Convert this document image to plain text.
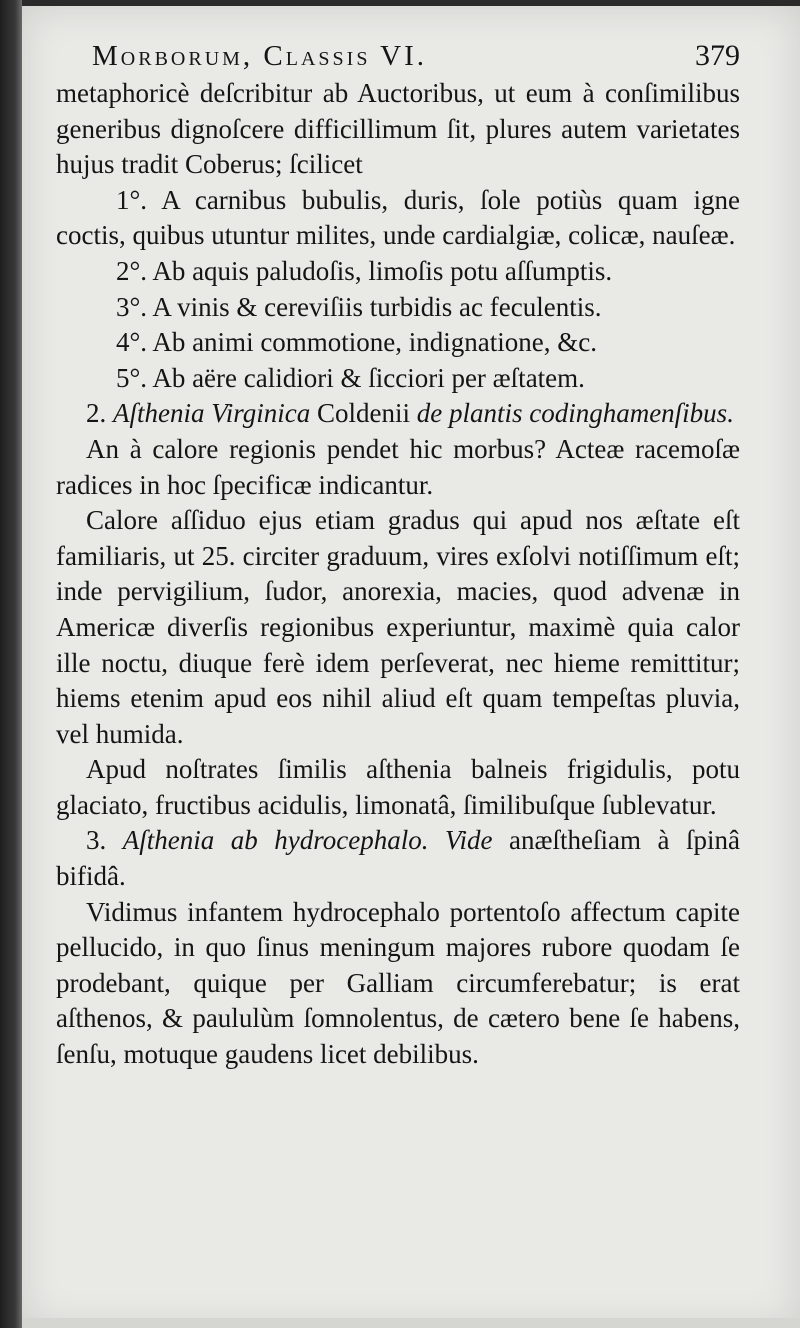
Morborum, Classis VI.	379

metaphoricè deſcribitur ab Auctoribus, ut eum à conſimilibus generibus dignoſcere difficillimum ſit, plures autem varietates hujus tradit Coberus; ſcilicet

1°. A carnibus bubulis, duris, ſole potiùs quam igne coctis, quibus utuntur milites, unde cardialgiæ, colicæ, nauſeæ.

2°. Ab aquis paludoſis, limoſis potu aſſumptis.

3°. A vinis & cereviſiis turbidis ac feculentis.

4°. Ab animi commotione, indignatione, &c.

5°. Ab aëre calidiori & ſicciori per æſtatem.

2. Aſthenia Virginica Coldenii de plantis codinghamenſibus.

An à calore regionis pendet hic morbus? Acteæ racemoſæ radices in hoc ſpecificæ indicantur.

Calore aſſiduo ejus etiam gradus qui apud nos æſtate eſt familiaris, ut 25. circiter graduum, vires exſolvi notiſſimum eſt; inde pervigilium, ſudor, anorexia, macies, quod advenæ in Americæ diverſis regionibus experiuntur, maximè quia calor ille noctu, diuque ferè idem perſeverat, nec hieme remittitur; hiems etenim apud eos nihil aliud eſt quam tempeſtas pluvia, vel humida.

Apud noſtrates ſimilis aſthenia balneis frigidulis, potu glaciato, fructibus acidulis, limonatâ, ſimilibuſque ſublevatur.

3. Aſthenia ab hydrocephalo. Vide anæſtheſiam à ſpinâ bifidâ.

Vidimus infantem hydrocephalo portentoſo affectum capite pellucido, in quo ſinus meningum majores rubore quodam ſe prodebant, quique per Galliam circumferebatur; is erat aſthenos, & paululùm ſomnolentus, de cætero bene ſe habens, ſenſu, motuque gaudens licet debilibus.
